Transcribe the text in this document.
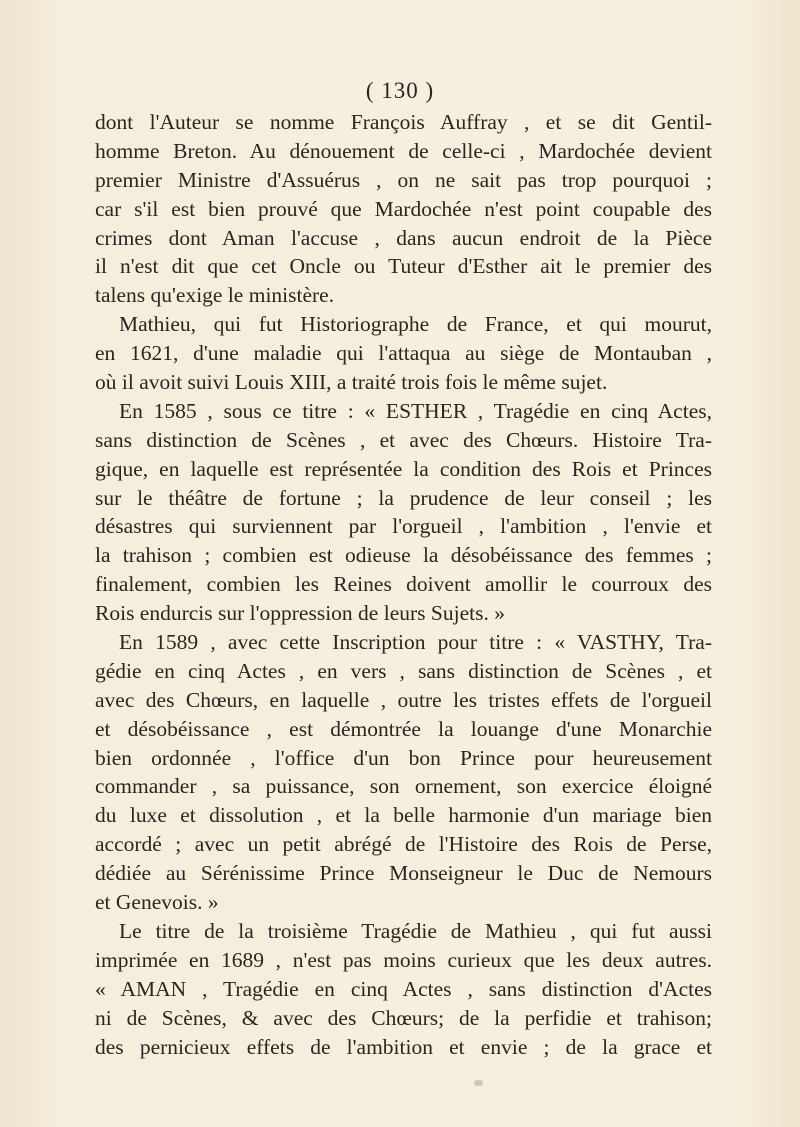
( 130 )
dont l'Auteur se nomme François Auffray , et se dit Gentil-
homme Breton. Au dénouement de celle-ci , Mardochée devient
premier Ministre d'Assuérus , on ne sait pas trop pourquoi ;
car s'il est bien prouvé que Mardochée n'est point coupable des
crimes dont Aman l'accuse , dans aucun endroit de la Pièce
il n'est dit que cet Oncle ou Tuteur d'Esther ait le premier des
talens qu'exige le ministère.
Mathieu, qui fut Historiographe de France, et qui mourut,
en 1621, d'une maladie qui l'attaqua au siège de Montauban ,
où il avoit suivi Louis XIII, a traité trois fois le même sujet.
En 1585 , sous ce titre : « ESTHER , Tragédie en cinq Actes,
sans distinction de Scènes , et avec des Chœurs. Histoire Tra-
gique, en laquelle est représentée la condition des Rois et Princes
sur le théâtre de fortune ; la prudence de leur conseil ; les
désastres qui surviennent par l'orgueil , l'ambition , l'envie et
la trahison ; combien est odieuse la désobéissance des femmes ;
finalement, combien les Reines doivent amollir le courroux des
Rois endurcis sur l'oppression de leurs Sujets. »
En 1589 , avec cette Inscription pour titre : « VASTHY, Tra-
gédie en cinq Actes , en vers , sans distinction de Scènes , et
avec des Chœurs, en laquelle , outre les tristes effets de l'orgueil
et désobéissance , est démontrée la louange d'une Monarchie
bien ordonnée , l'office d'un bon Prince pour heureusement
commander , sa puissance, son ornement, son exercice éloigné
du luxe et dissolution , et la belle harmonie d'un mariage bien
accordé ; avec un petit abrégé de l'Histoire des Rois de Perse,
dédiée au Sérénissime Prince Monseigneur le Duc de Nemours
et Genevois. »
Le titre de la troisième Tragédie de Mathieu , qui fut aussi
imprimée en 1689 , n'est pas moins curieux que les deux autres.
« AMAN , Tragédie en cinq Actes , sans distinction d'Actes
ni de Scènes, & avec des Chœurs; de la perfidie et trahison;
des pernicieux effets de l'ambition et envie ; de la grace et
